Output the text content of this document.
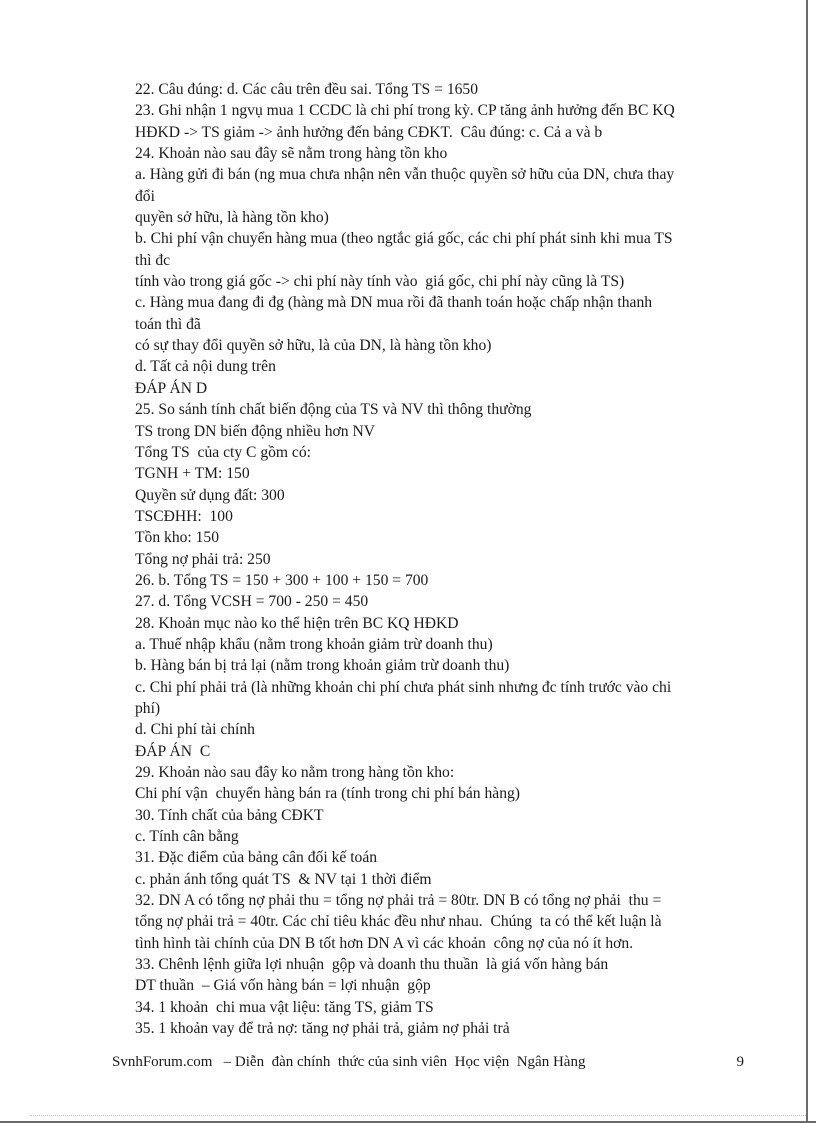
22. Câu đúng: d. Các câu trên đều sai. Tổng TS = 1650
23. Ghi nhận 1 ngvụ mua 1 CCDC là chi phí trong kỳ. CP tăng ảnh hưởng đến BC KQ
HĐKD -> TS giảm -> ảnh hưởng đến bảng CĐKT.  Câu đúng: c. Cả a và b
24. Khoản nào sau đây sẽ nằm trong hàng tồn kho
a. Hàng gửi đi bán (ng mua chưa nhận nên vẫn thuộc quyền sở hữu của DN, chưa thay
đổi
quyền sở hữu, là hàng tồn kho)
b. Chi phí vận chuyển hàng mua (theo ngtắc giá gốc, các chi phí phát sinh khi mua TS
thì đc
tính vào trong giá gốc -> chi phí này tính vào  giá gốc, chi phí này cũng là TS)
c. Hàng mua đang đi đg (hàng mà DN mua rồi đã thanh toán hoặc chấp nhận thanh
toán thì đã
có sự thay đổi quyền sở hữu, là của DN, là hàng tồn kho)
d. Tất cả nội dung trên
ĐÁP ÁN D
25. So sánh tính chất biến động của TS và NV thì thông thường
TS trong DN biến động nhiều hơn NV
Tổng TS  của cty C gồm có:
TGNH + TM: 150
Quyền sử dụng đất: 300
TSCĐHH:  100
Tồn kho: 150
Tổng nợ phải trả: 250
26. b. Tổng TS = 150 + 300 + 100 + 150 = 700
27. d. Tổng VCSH = 700 - 250 = 450
28. Khoản mục nào ko thể hiện trên BC KQ HĐKD
a. Thuế nhập khẩu (nằm trong khoản giảm trừ doanh thu)
b. Hàng bán bị trả lại (nằm trong khoản giảm trừ doanh thu)
c. Chi phí phải trả (là những khoản chi phí chưa phát sinh nhưng đc tính trước vào chi
phí)
d. Chi phí tài chính
ĐÁP ÁN  C
29. Khoản nào sau đây ko nằm trong hàng tồn kho:
Chi phí vận  chuyển hàng bán ra (tính trong chi phí bán hàng)
30. Tính chất của bảng CĐKT
c. Tính cân bằng
31. Đặc điểm của bảng cân đối kế toán
c. phản ánh tổng quát TS  & NV tại 1 thời điểm
32. DN A có tổng nợ phải thu = tổng nợ phải trả = 80tr. DN B có tổng nợ phải  thu =
tổng nợ phải trả = 40tr. Các chỉ tiêu khác đều như nhau.  Chúng  ta có thể kết luận là
tình hình tài chính của DN B tốt hơn DN A vì các khoản  công nợ của nó ít hơn.
33. Chênh lệnh giữa lợi nhuận  gộp và doanh thu thuần  là giá vốn hàng bán
DT thuần  – Giá vốn hàng bán = lợi nhuận  gộp
34. 1 khoản  chi mua vật liệu: tăng TS, giảm TS
35. 1 khoản vay để trả nợ: tăng nợ phải trả, giảm nợ phải trả
SvnhForum.com   – Diễn  đàn chính  thức của sinh viên  Học viện  Ngân Hàng	9
